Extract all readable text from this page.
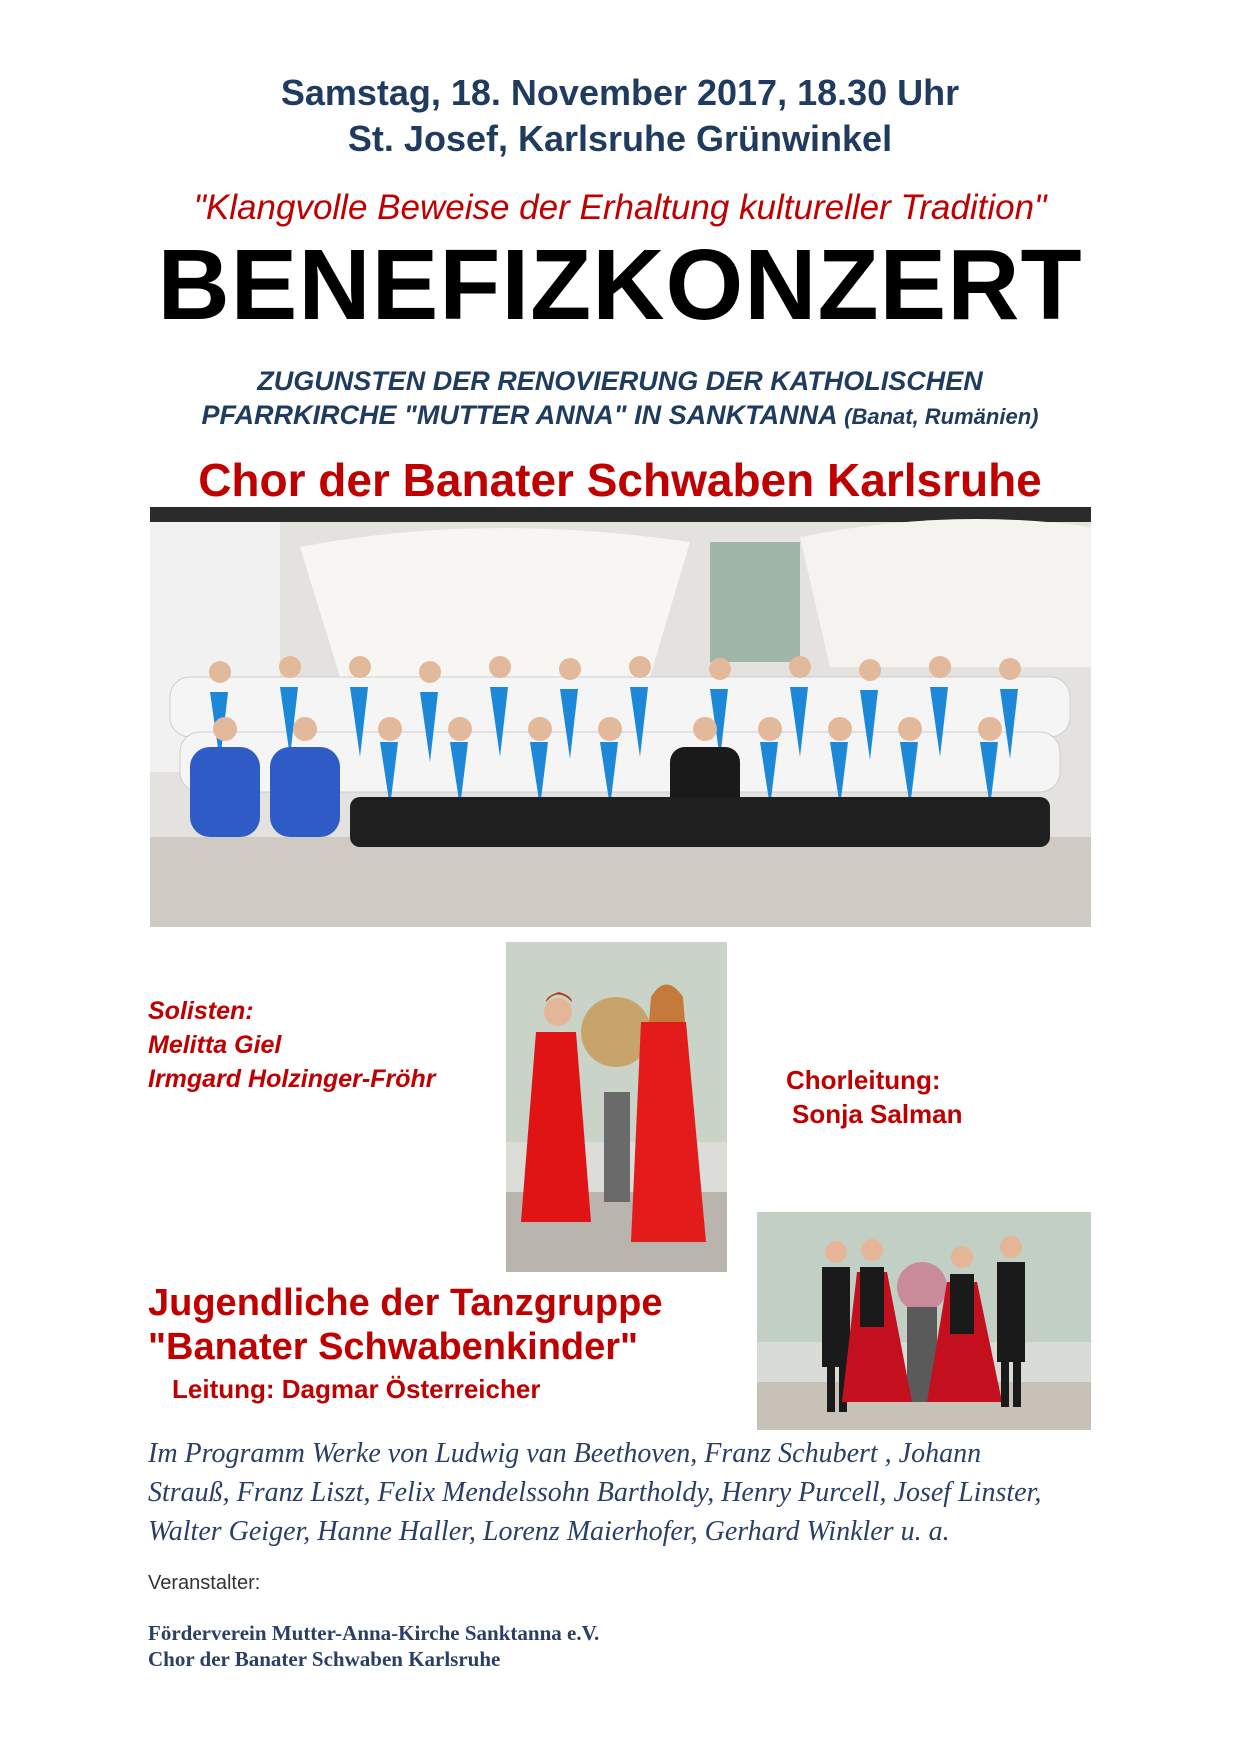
Samstag, 18. November 2017, 18.30 Uhr
St. Josef, Karlsruhe Grünwinkel
"Klangvolle Beweise der Erhaltung kultureller Tradition"
BENEFIZKONZERT
ZUGUNSTEN DER RENOVIERUNG DER KATHOLISCHEN
PFARRKIRCHE "MUTTER ANNA" IN SANKTANNA (Banat, Rumänien)
Chor der Banater Schwaben Karlsruhe
Solisten:
Melitta Giel
Irmgard Holzinger-Fröhr	Chorleitung:
Sonja Salman
Jugendliche der Tanzgruppe
"Banater Schwabenkinder"
Leitung: Dagmar Österreicher
Im Programm Werke von Ludwig van Beethoven, Franz Schubert , Johann
Strauß, Franz Liszt, Felix Mendelssohn Bartholdy, Henry Purcell, Josef Linster,
Walter Geiger, Hanne Haller, Lorenz Maierhofer, Gerhard Winkler u. a.
Veranstalter:
Förderverein Mutter-Anna-Kirche Sanktanna e.V.
Chor der Banater Schwaben Karlsruhe
